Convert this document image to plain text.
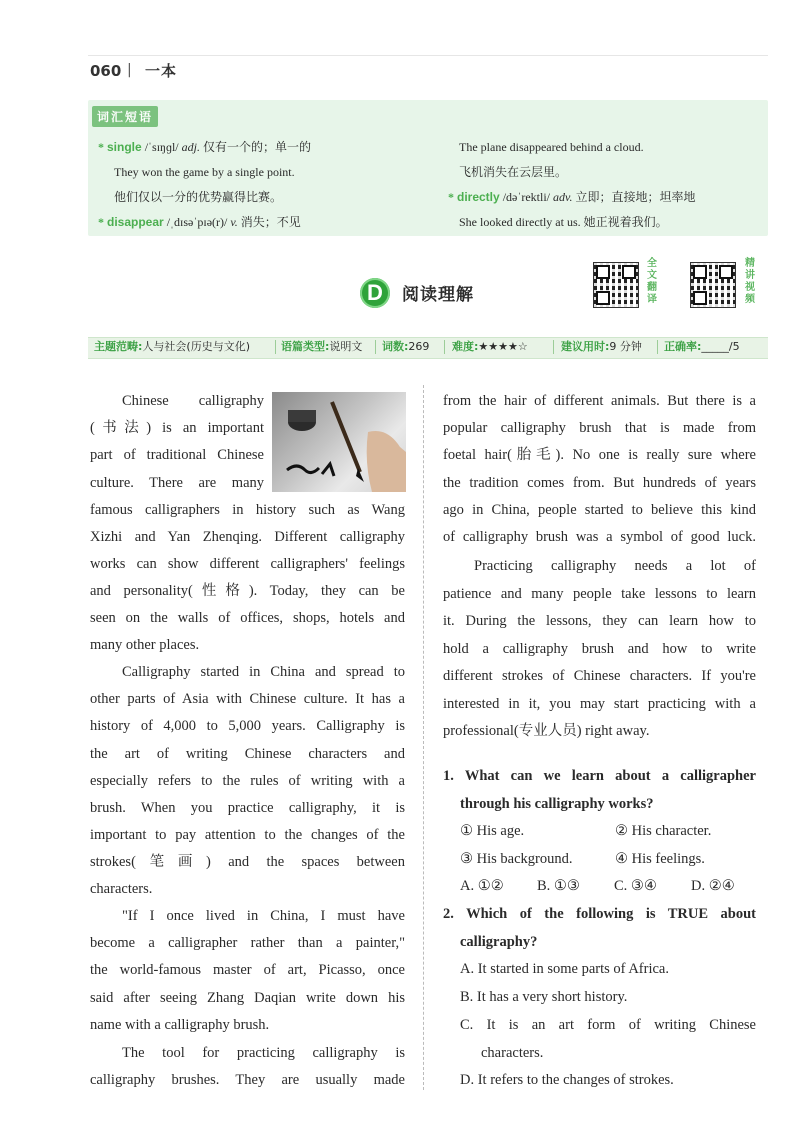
060 | 一本
词汇短语
* single /ˈsɪŋɡl/ adj. 仅有一个的；单一的
They won the game by a single point.
他们仅以一分的优势赢得比赛。
* disappear /ˌdɪsəˈpɪə(r)/ v. 消失；不见
The plane disappeared behind a cloud.
飞机消失在云层里。
* directly /dəˈrektli/ adv. 立即；直接地；坦率地
She looked directly at us. 她正视着我们。
D	阅读理解
全文翻译
精讲视频
主题范畴:人与社会(历史与文化)	语篇类型:说明文 词数:269 难度:★★★★☆	建议用时:9 分钟 正确率:_____/5
Chinese calligraphy
(书法) is an important
part of traditional Chinese
culture. There are many
famous calligraphers in history such as Wang
Xizhi and Yan Zhenqing. Different calligraphy
works can show different calligraphers' feelings
and personality(性格). Today, they can be
seen on the walls of offices, shops, hotels and
many other places.
Calligraphy started in China and spread to
other parts of Asia with Chinese culture. It has a
history of 4,000 to 5,000 years. Calligraphy is
the art of writing Chinese characters and
especially refers to the rules of writing with a
brush. When you practice calligraphy, it is
important to pay attention to the changes of the
strokes(笔画) and the spaces between
characters.
"If I once lived in China, I must have
become a calligrapher rather than a painter,"
the world-famous master of art, Picasso, once
said after seeing Zhang Daqian write down his
name with a calligraphy brush.
The tool for practicing calligraphy is
calligraphy brushes. They are usually made
from the hair of different animals. But there is a
popular calligraphy brush that is made from
foetal hair(胎毛). No one is really sure where
the tradition comes from. But hundreds of years
ago in China, people started to believe this kind
of calligraphy brush was a symbol of good luck.
Practicing calligraphy needs a lot of
patience and many people take lessons to learn
it. During the lessons, they can learn how to
hold a calligraphy brush and how to write
different strokes of Chinese characters. If you're
interested in it, you may start practicing with a
professional(专业人员) right away.
1. What can we learn about a calligrapher
through his calligraphy works?
① His age.	② His character.
③ His background.	④ His feelings.
A. ①② B. ①③ C. ③④ D. ②④
2. Which of the following is TRUE about
calligraphy?
A. It started in some parts of Africa.
B. It has a very short history.
C. It is an art form of writing Chinese
characters.
D. It refers to the changes of strokes.
